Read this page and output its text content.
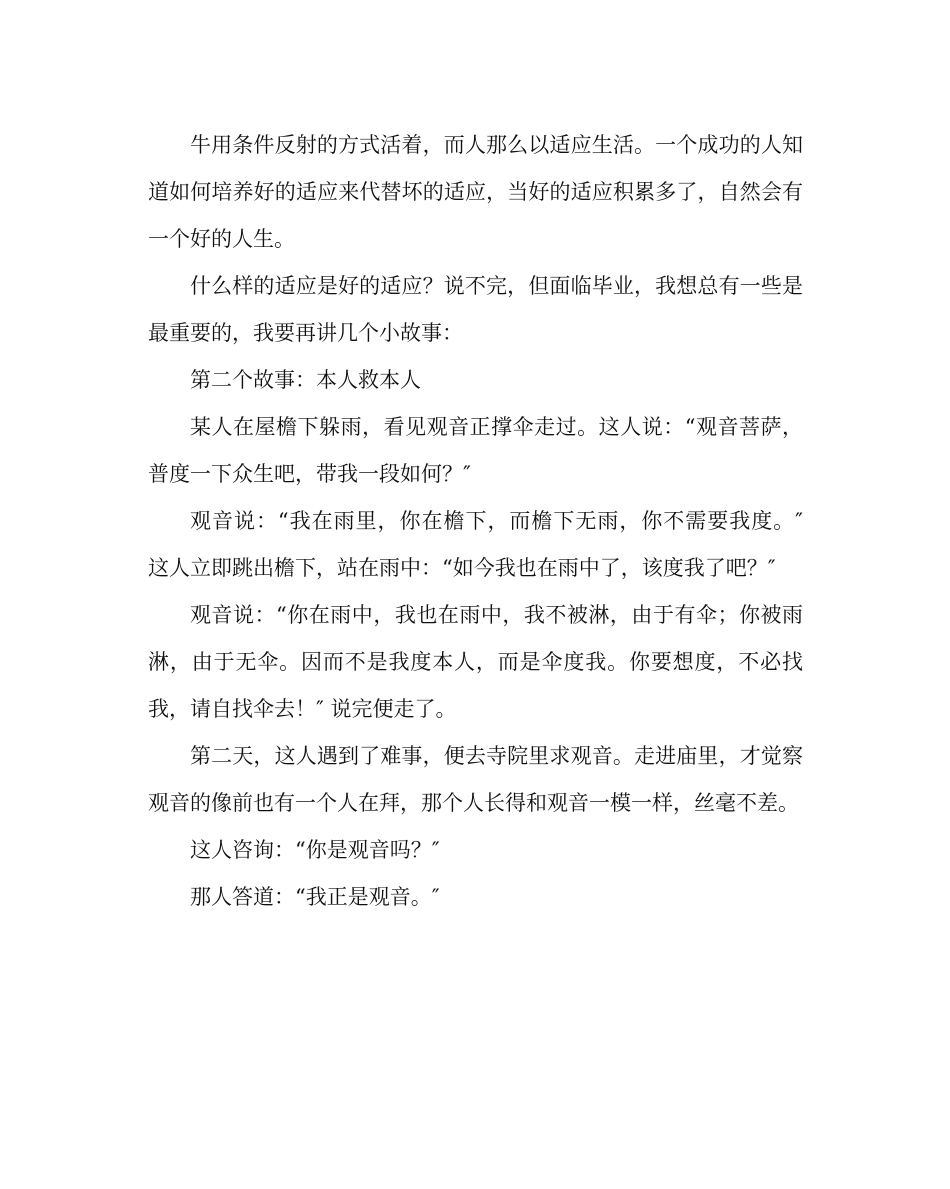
牛用条件反射的方式活着，而人那么以适应生活。一个成功的人知道如何培养好的适应来代替坏的适应，当好的适应积累多了，自然会有一个好的人生。

什么样的适应是好的适应？说不完，但面临毕业，我想总有一些是最重要的，我要再讲几个小故事：

第二个故事：本人救本人

某人在屋檐下躲雨，看见观音正撑伞走过。这人说：“观音菩萨，普度一下众生吧，带我一段如何？″

观音说：“我在雨里，你在檐下，而檐下无雨，你不需要我度。″ 这人立即跳出檐下，站在雨中：“如今我也在雨中了，该度我了吧？″

观音说：“你在雨中，我也在雨中，我不被淋，由于有伞；你被雨淋，由于无伞。因而不是我度本人，而是伞度我。你要想度，不必找我，请自找伞去！″ 说完便走了。

第二天，这人遇到了难事，便去寺院里求观音。走进庙里，才觉察观音的像前也有一个人在拜，那个人长得和观音一模一样，丝毫不差。

这人咨询：“你是观音吗？″

那人答道：“我正是观音。″
